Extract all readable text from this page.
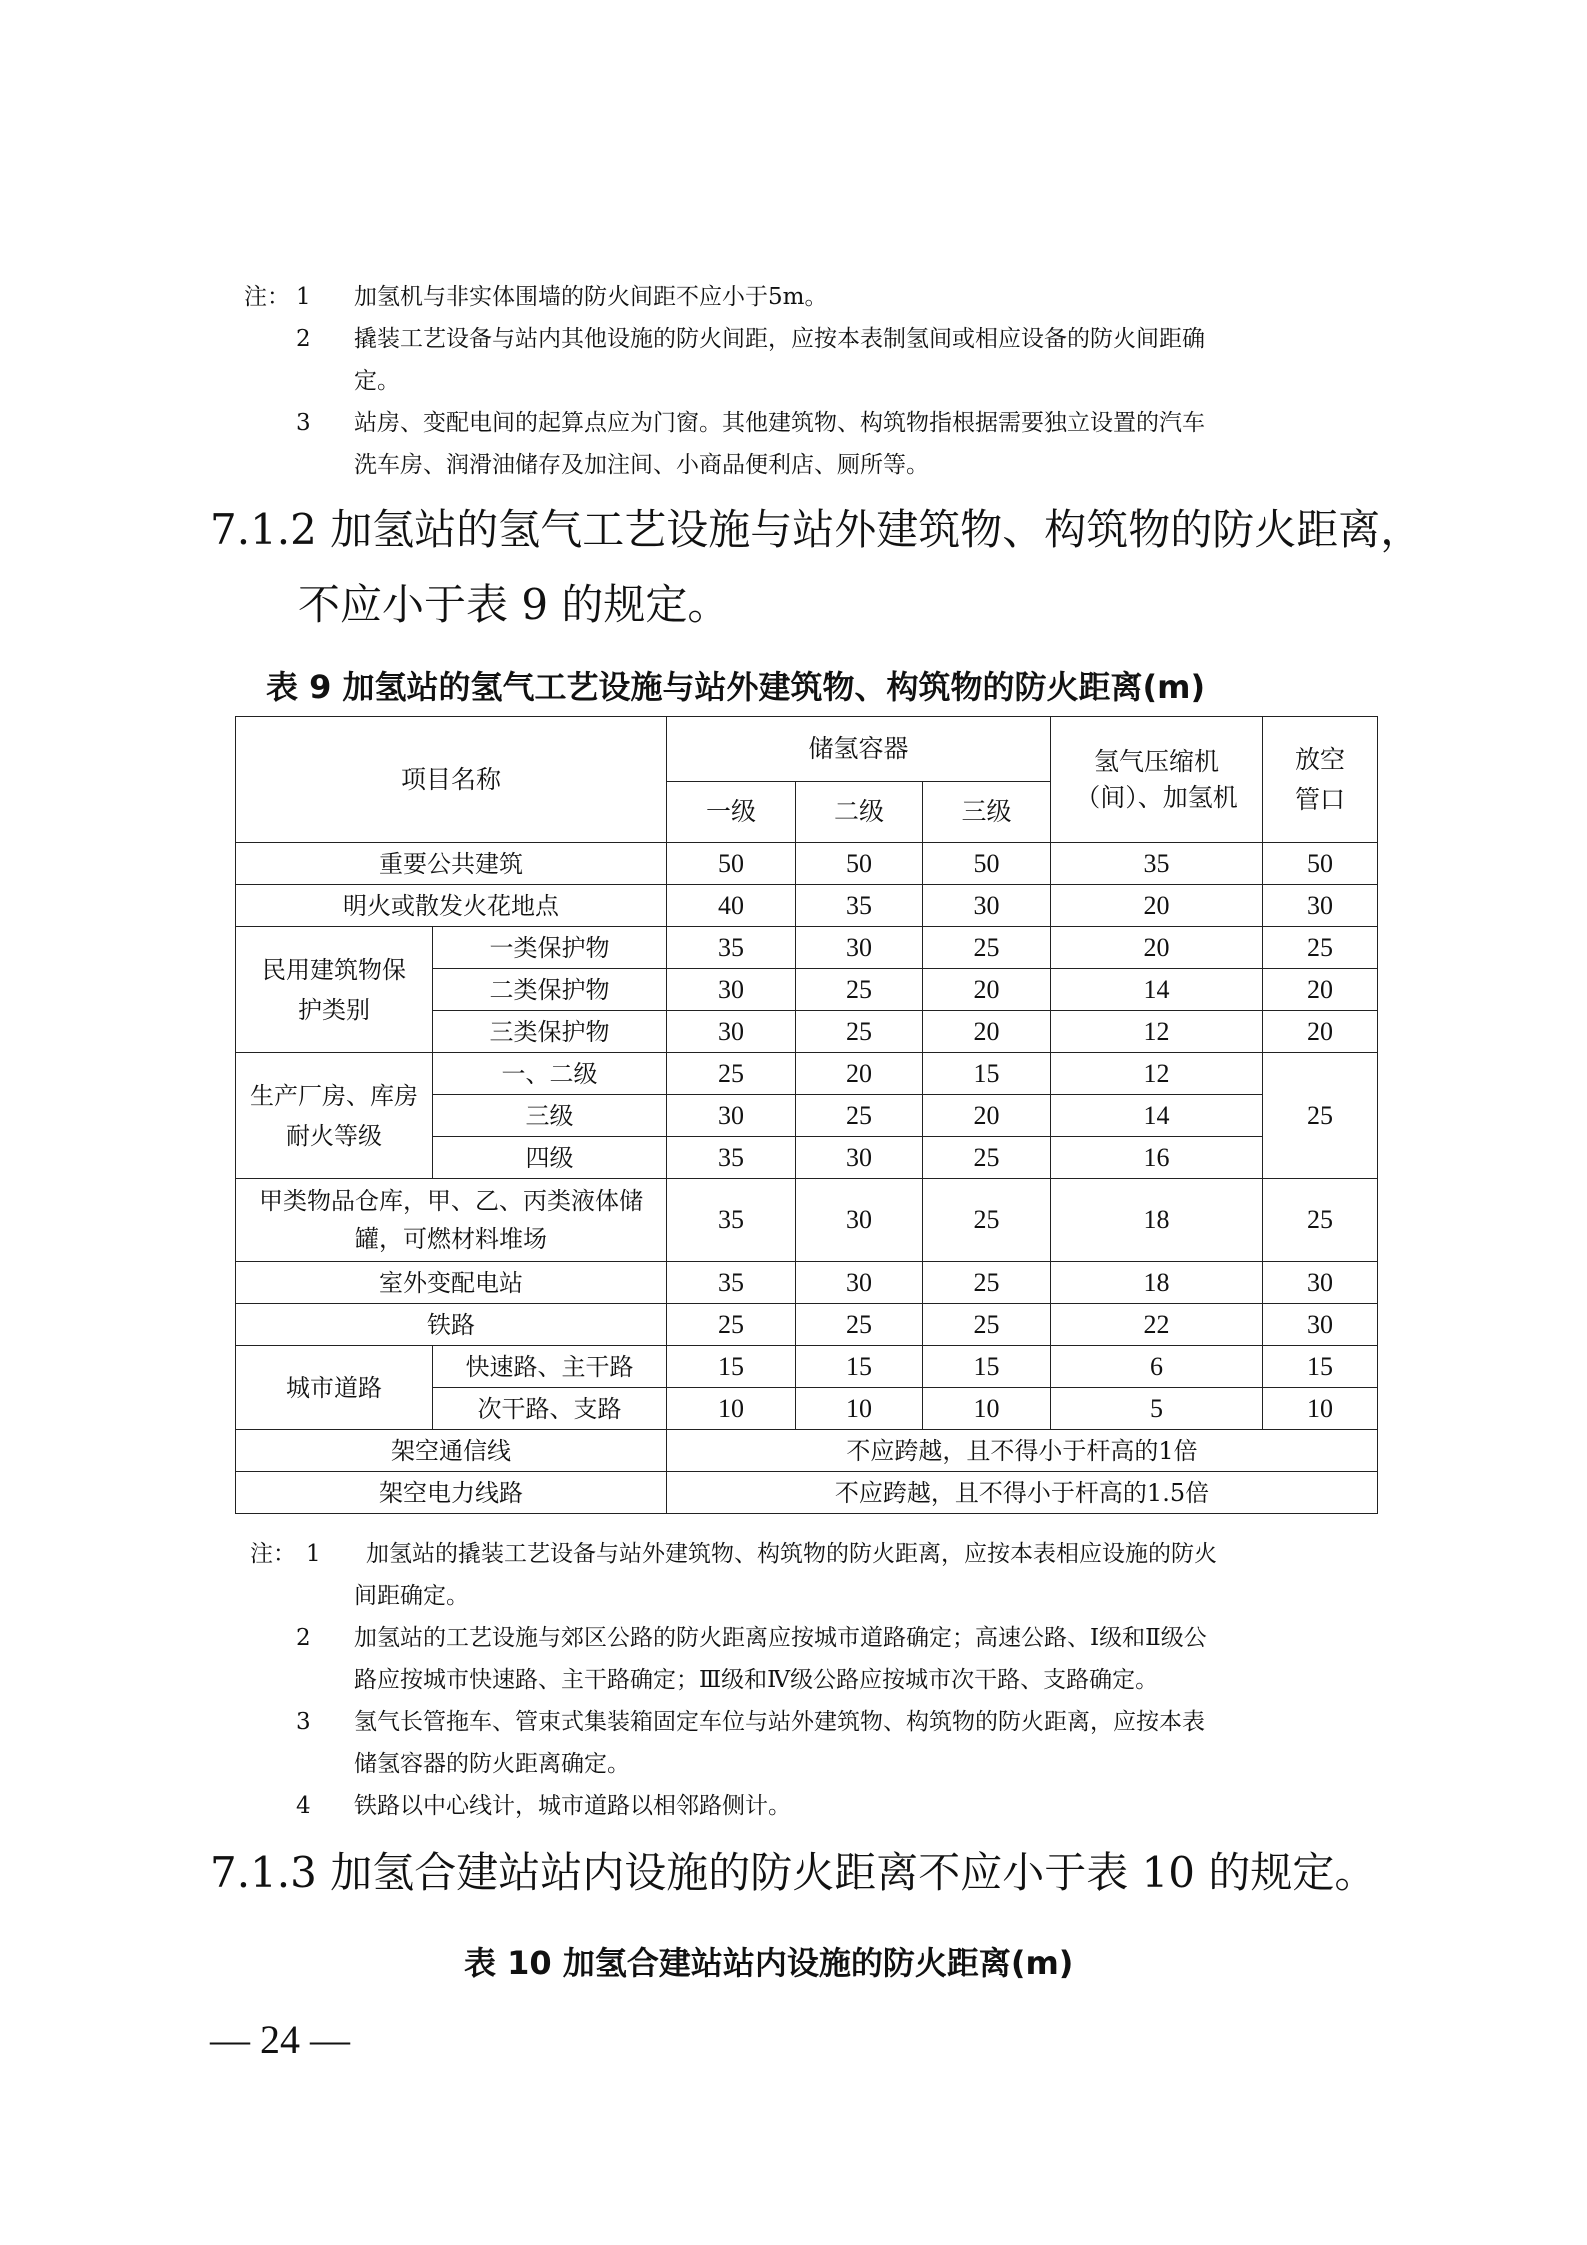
注： 1 加氢机与非实体围墙的防火间距不应小于5m。
2 撬装工艺设备与站内其他设施的防火间距，应按本表制氢间或相应设备的防火间距确
定。
3 站房、变配电间的起算点应为门窗。其他建筑物、构筑物指根据需要独立设置的汽车
洗车房、润滑油储存及加注间、小商品便利店、厕所等。
7.1.2 加氢站的氢气工艺设施与站外建筑物、构筑物的防火距离，
不应小于表 9 的规定。
表 9 加氢站的氢气工艺设施与站外建筑物、构筑物的防火距离(m)
项目名称		储氢容器			氢气压缩机（间）、加氢机	放空管口
		一级	二级	三级		
重要公共建筑		50	50	50	35	50
明火或散发火花地点		40	35	30	20	30
民用建筑物保护类别	一类保护物	35	30	25	20	25
	二类保护物	30	25	20	14	20
	三类保护物	30	25	20	12	20
生产厂房、库房耐火等级	一、二级	25	20	15	12	25
	三级	30	25	20	14	
	四级	35	30	25	16	
甲类物品仓库，甲、乙、丙类液体储罐，可燃材料堆场		35	30	25	18	25
室外变配电站		35	30	25	18	30
铁路		25	25	25	22	30
城市道路	快速路、主干路	15	15	15	6	15
	次干路、支路	10	10	10	5	10
架空通信线		不应跨越，且不得小于杆高的1倍				
架空电力线路		不应跨越，且不得小于杆高的1.5倍				
注： 1 加氢站的撬装工艺设备与站外建筑物、构筑物的防火距离，应按本表相应设施的防火
间距确定。
2 加氢站的工艺设施与郊区公路的防火距离应按城市道路确定；高速公路、Ⅰ级和Ⅱ级公
路应按城市快速路、主干路确定；Ⅲ级和Ⅳ级公路应按城市次干路、支路确定。
3 氢气长管拖车、管束式集装箱固定车位与站外建筑物、构筑物的防火距离，应按本表
储氢容器的防火距离确定。
4 铁路以中心线计，城市道路以相邻路侧计。
7.1.3 加氢合建站站内设施的防火距离不应小于表 10 的规定。
表 10 加氢合建站站内设施的防火距离(m)
— 24 —
